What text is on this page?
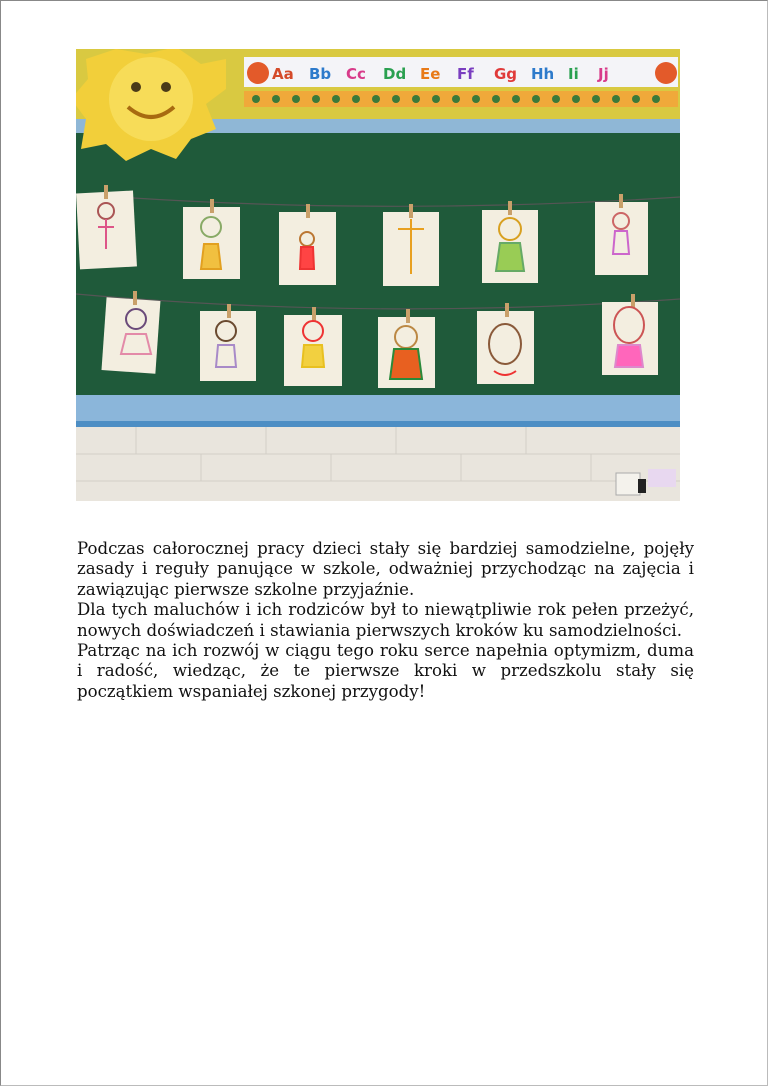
Aa Bb Cc Dd Ee Ff Gg Hh Ii Jj

Podczas całorocznej pracy dzieci stały się bardziej samodzielne, pojęły zasady i reguły panujące w szkole, odważniej przychodząc na zajęcia i zawiązując pierwsze szkolne przyjaźnie.

Dla tych maluchów i ich rodziców był to niewątpliwie rok pełen przeżyć, nowych doświadczeń i stawiania pierwszych kroków ku samodzielności.

Patrząc na ich rozwój w ciągu tego roku serce napełnia optymizm, duma i radość, wiedząc, że te pierwsze kroki w przedszkolu stały się początkiem wspaniałej szkonej przygody!
